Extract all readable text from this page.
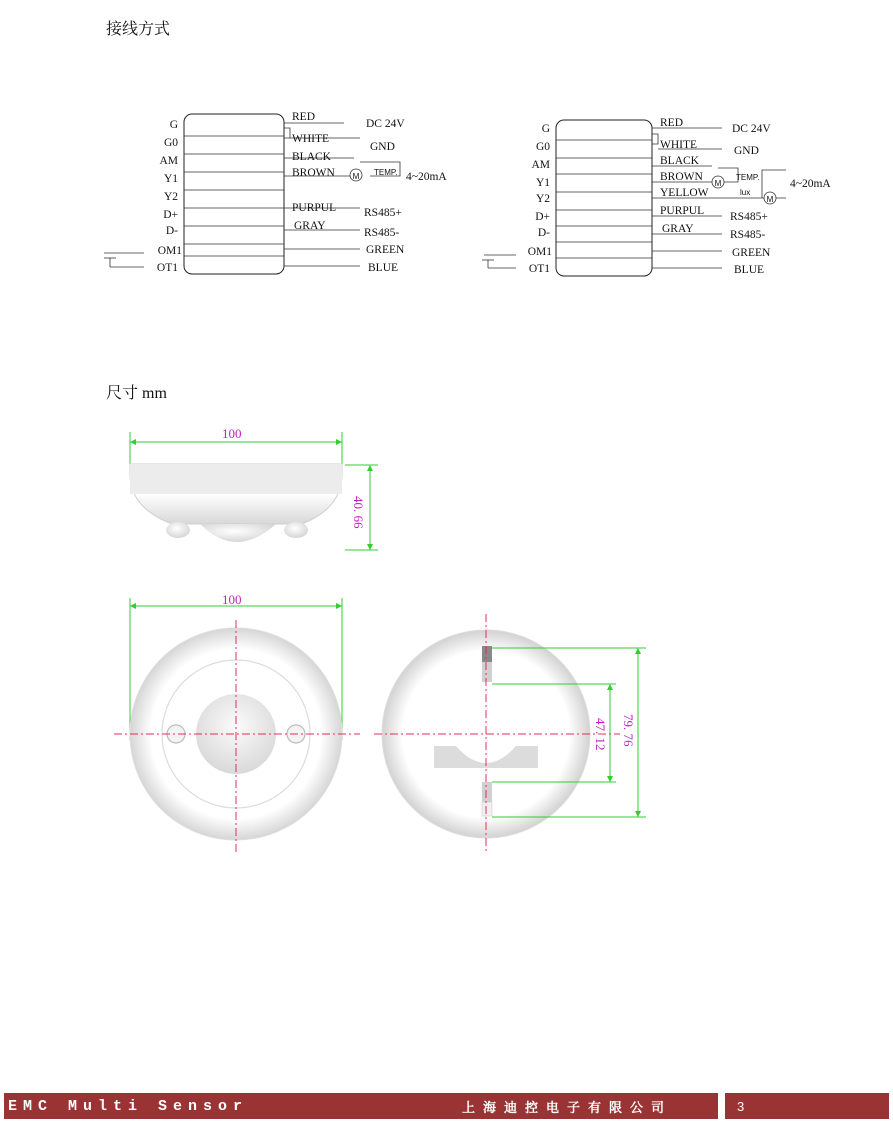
接线方式
G
G0
AM
Y1
Y2
D+
D-
OM1
OT1
M TEMP.
RED
WHITE
BLACK
BROWN
PURPUL
GRAY
DC 24V
GND
4~20mA
RS485+
RS485-
GREEN
BLUE
G
G0
AM
Y1
Y2
D+
D-
OM1
OT1
M
TEMP.
M
lux
RED
WHITE
BLACK
BROWN
YELLOW
PURPUL
GRAY
GREEN
BLUE
DC 24V
GND
4~20mA
RS485+
RS485-
尺寸 mm
100
40. 66
100
79. 76
47. 12
EMC Multi Sensor	上海迪控电子有限公司	3
